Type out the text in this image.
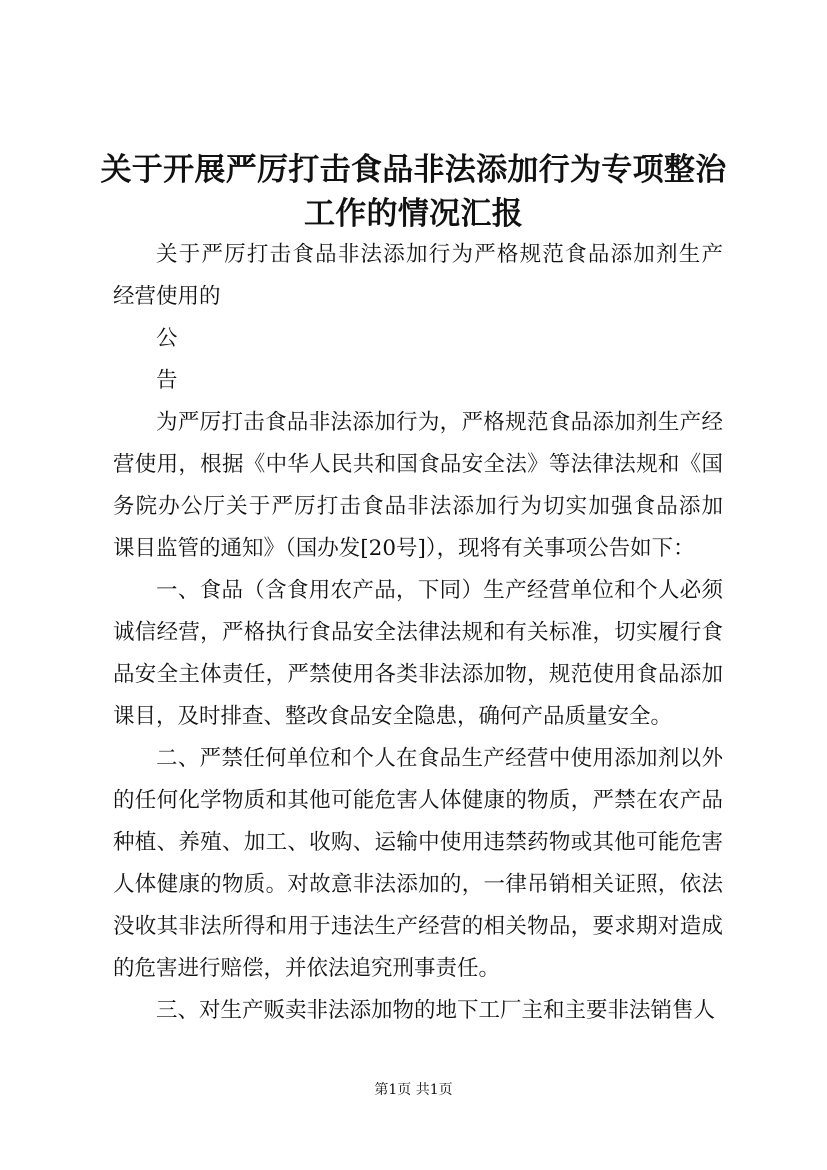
关于开展严厉打击食品非法添加行为专项整治
工作的情况汇报
关于严厉打击食品非法添加行为严格规范食品添加剂生产
经营使用的
公
告
为严厉打击食品非法添加行为，严格规范食品添加剂生产经
营使用，根据《中华人民共和国食品安全法》等法律法规和《国
务院办公厅关于严厉打击食品非法添加行为切实加强食品添加
课目监管的通知》（国办发[20号]），现将有关事项公告如下：
一、食品（含食用农产品，下同）生产经营单位和个人必须
诚信经营，严格执行食品安全法律法规和有关标准，切实履行食
品安全主体责任，严禁使用各类非法添加物，规范使用食品添加
课目，及时排查、整改食品安全隐患，确何产品质量安全。
二、严禁任何单位和个人在食品生产经营中使用添加剂以外
的任何化学物质和其他可能危害人体健康的物质，严禁在农产品
种植、养殖、加工、收购、运输中使用违禁药物或其他可能危害
人体健康的物质。对故意非法添加的，一律吊销相关证照，依法
没收其非法所得和用于违法生产经营的相关物品，要求期对造成
的危害进行赔偿，并依法追究刑事责任。
三、对生产贩卖非法添加物的地下工厂主和主要非法销售人
第1页 共1页
